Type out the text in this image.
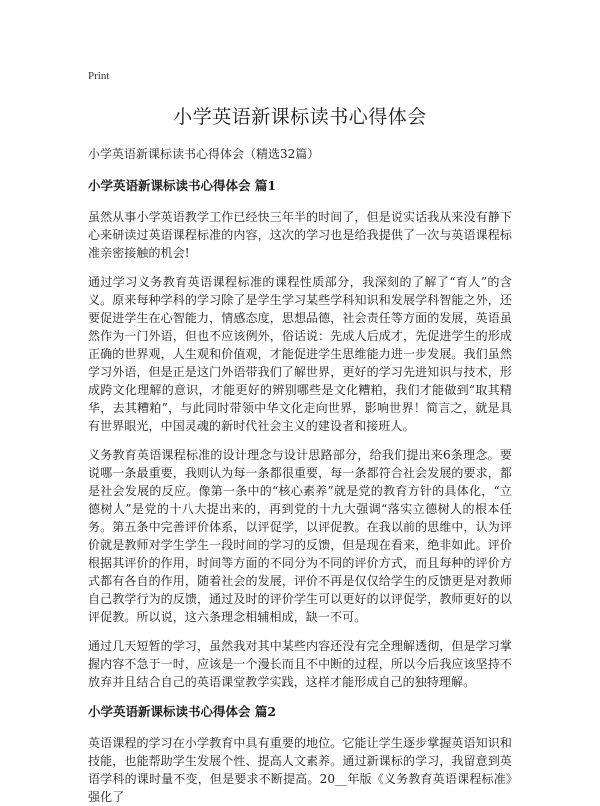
Print
小学英语新课标读书心得体会
小学英语新课标读书心得体会（精选32篇）
小学英语新课标读书心得体会 篇1

虽然从事小学英语教学工作已经快三年半的时间了，但是说实话我从来没有静下心来研读过英语课程标准的内容，这次的学习也是给我提供了一次与英语课程标准亲密接触的机会!

通过学习义务教育英语课程标准的课程性质部分，我深刻的了解了“育人”的含义。原来每种学科的学习除了是学生学习某些学科知识和发展学科智能之外，还要促进学生在心智能力，情感态度，思想品德，社会责任等方面的发展，英语虽然作为一门外语，但也不应该例外，俗话说：先成人后成才，先促进学生的形成正确的世界观，人生观和价值观，才能促进学生思维能力进一步发展。我们虽然学习外语，但是正是这门外语带我们了解世界，更好的学习先进知识与技术，形成跨文化理解的意识，才能更好的辨别哪些是文化糟粕，我们才能做到“取其精华，去其糟粕”，与此同时带领中华文化走向世界，影响世界！简言之，就是具有世界眼光，中国灵魂的新时代社会主义的建设者和接班人。

义务教育英语课程标准的设计理念与设计思路部分，给我们提出来6条理念。要说哪一条最重要，我则认为每一条都很重要，每一条都符合社会发展的要求，都是社会发展的反应。像第一条中的“核心素养”就是党的教育方针的具体化，“立德树人”是党的十八大提出来的，再到党的十九大强调“落实立德树人的根本任务。第五条中完善评价体系，以评促学，以评促教。在我以前的思维中，认为评价就是教师对学生学生一段时间的学习的反馈，但是现在看来，绝非如此。评价根据其评价的作用，时间等方面的不同分为不同的评价方式，而且每种的评价方式都有各自的作用，随着社会的发展，评价不再是仅仅给学生的反馈更是对教师自己教学行为的反馈，通过及时的评价学生可以更好的以评促学，教师更好的以评促教。所以说，这六条理念相辅相成，缺一不可。

通过几天短暂的学习，虽然我对其中某些内容还没有完全理解透彻，但是学习掌握内容不急于一时，应该是一个漫长而且不中断的过程，所以今后我应该坚持不放弃并且结合自己的英语课堂教学实践，这样才能形成自己的独特理解。

小学英语新课标读书心得体会 篇2

英语课程的学习在小学教育中具有重要的地位。它能让学生逐步掌握英语知识和技能，也能帮助学生发展个性、提高人文素养。通过新课标的学习，我留意到英语学科的课时量不变，但是要求不断提高。20__年版《义务教育英语课程标准》强化了
